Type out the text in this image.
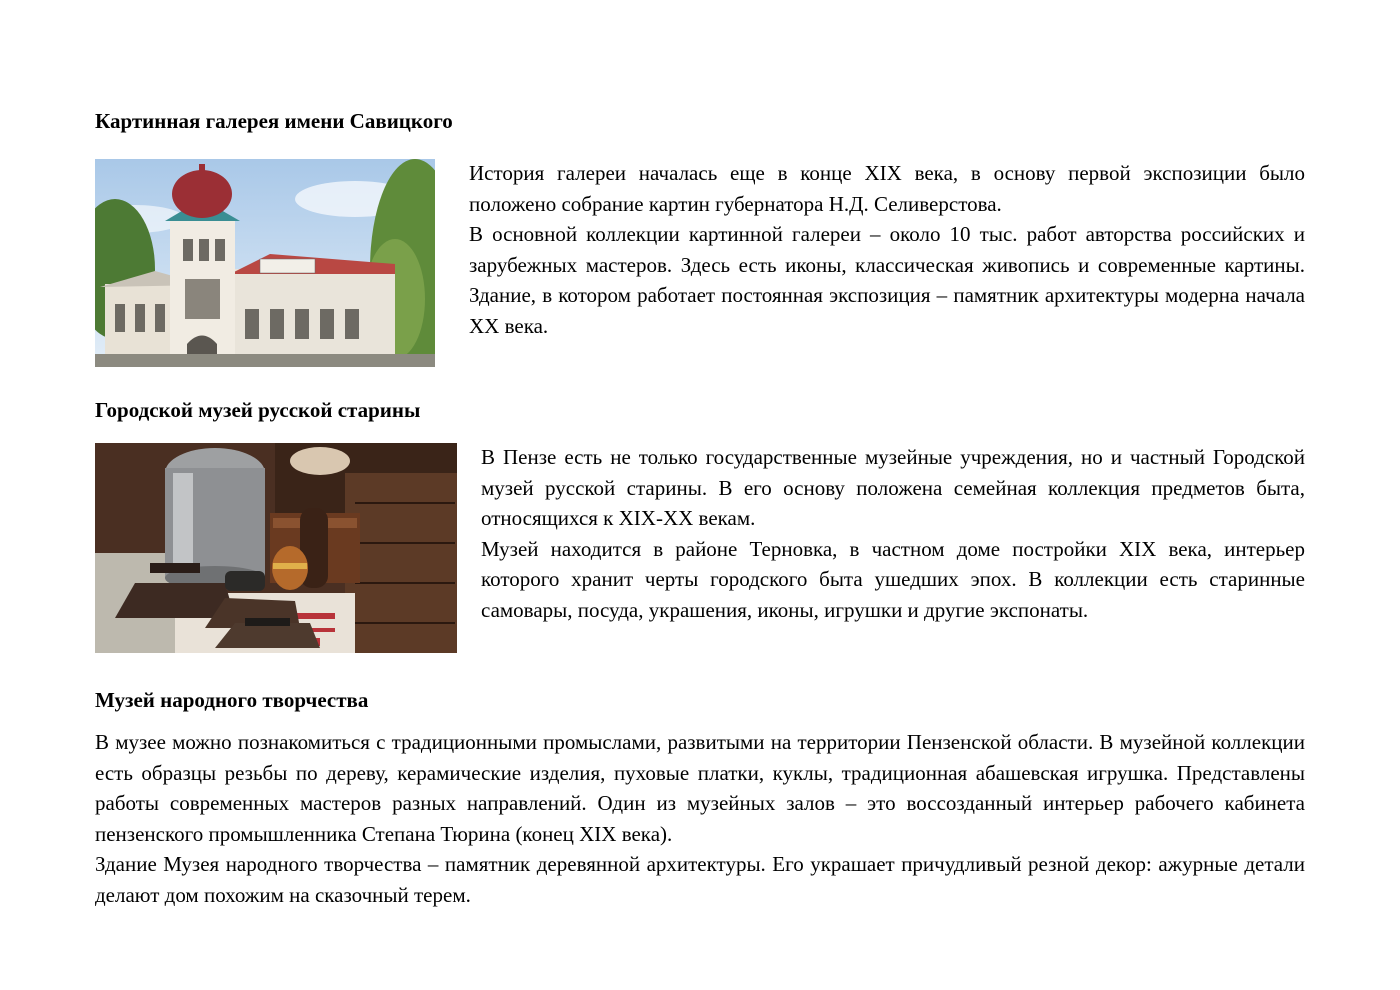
Картинная галерея имени Савицкого

История галереи началась еще в конце XIX века, в основу первой экспозиции было положено собрание картин губернатора Н.Д. Селиверстова.

В основной коллекции картинной галереи – около 10 тыс. работ авторства российских и зарубежных мастеров. Здесь есть иконы, классическая живопись и современные картины. Здание, в котором работает постоянная экспозиция – памятник архитектуры модерна начала XX века.

Городской музей русской старины

В Пензе есть не только государственные музейные учреждения, но и частный Городской музей русской старины. В его основу положена семейная коллекция предметов быта, относящихся к XIX-XX векам.

Музей находится в районе Терновка, в частном доме постройки XIX века, интерьер которого хранит черты городского быта ушедших эпох. В коллекции есть старинные самовары, посуда, украшения, иконы, игрушки и другие экспонаты.

Музей народного творчества

В музее можно познакомиться с традиционными промыслами, развитыми на территории Пензенской области. В музейной коллекции есть образцы резьбы по дереву, керамические изделия, пуховые платки, куклы, традиционная абашевская игрушка. Представлены работы современных мастеров разных направлений. Один из музейных залов – это воссозданный интерьер рабочего кабинета пензенского промышленника Степана Тюрина (конец XIX века).

Здание Музея народного творчества – памятник деревянной архитектуры. Его украшает причудливый резной декор: ажурные детали делают дом похожим на сказочный терем.
